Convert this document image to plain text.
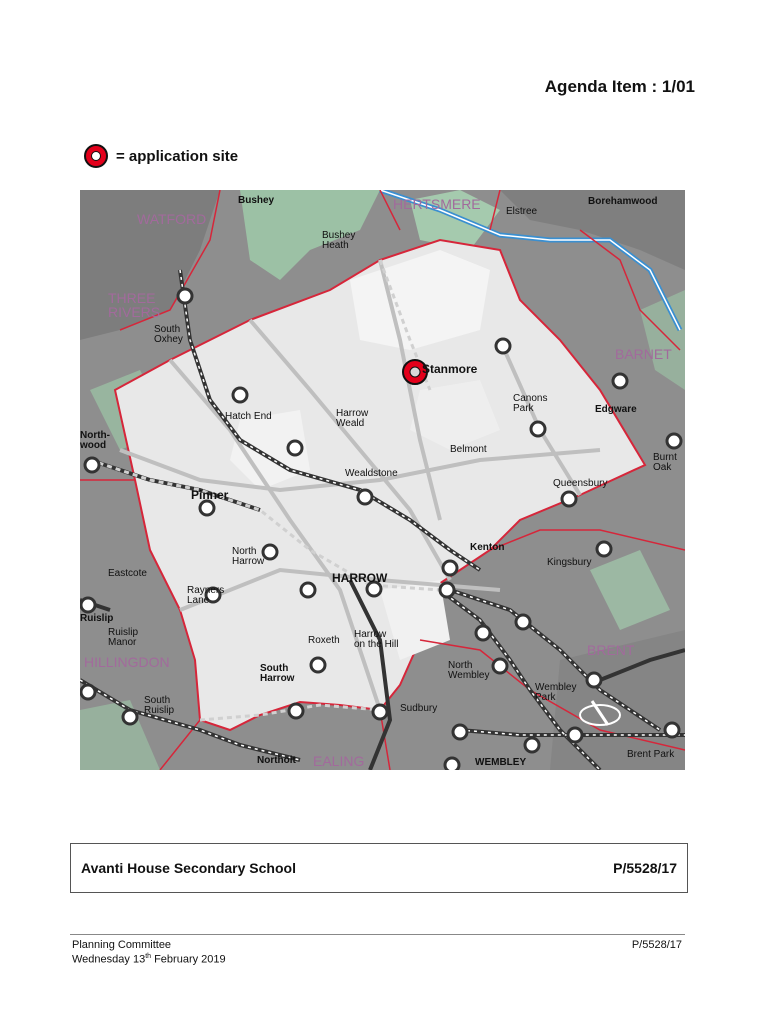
Agenda Item : 1/01
= application site
Bushey
WATFORD
HERTSMERE	Elstree
Borehamwood
Bushey Heath
THREE RIVERS
South Oxhey
BARNET
Stanmore
Canons Park	Edgware
Hatch End	Harrow Weald
Belmont
North-wood
Burnt Oak
Wealdstone
Queensbury
Pinner
Kenton
North Harrow	Kingsbury
Eastcote	HARROW
Rayners Lane
Ruislip
Ruislip Manor	Roxeth
Harrow on the Hill	BRENT
HILLINGDON	South Harrow
North Wembley
Wembley Park
South Ruislip	Sudbury
Northolt EALING	WEMBLEY
Brent Park
Avanti House Secondary School	P/5528/17
Planning Committee
Wednesday 13th February 2019
P/5528/17
